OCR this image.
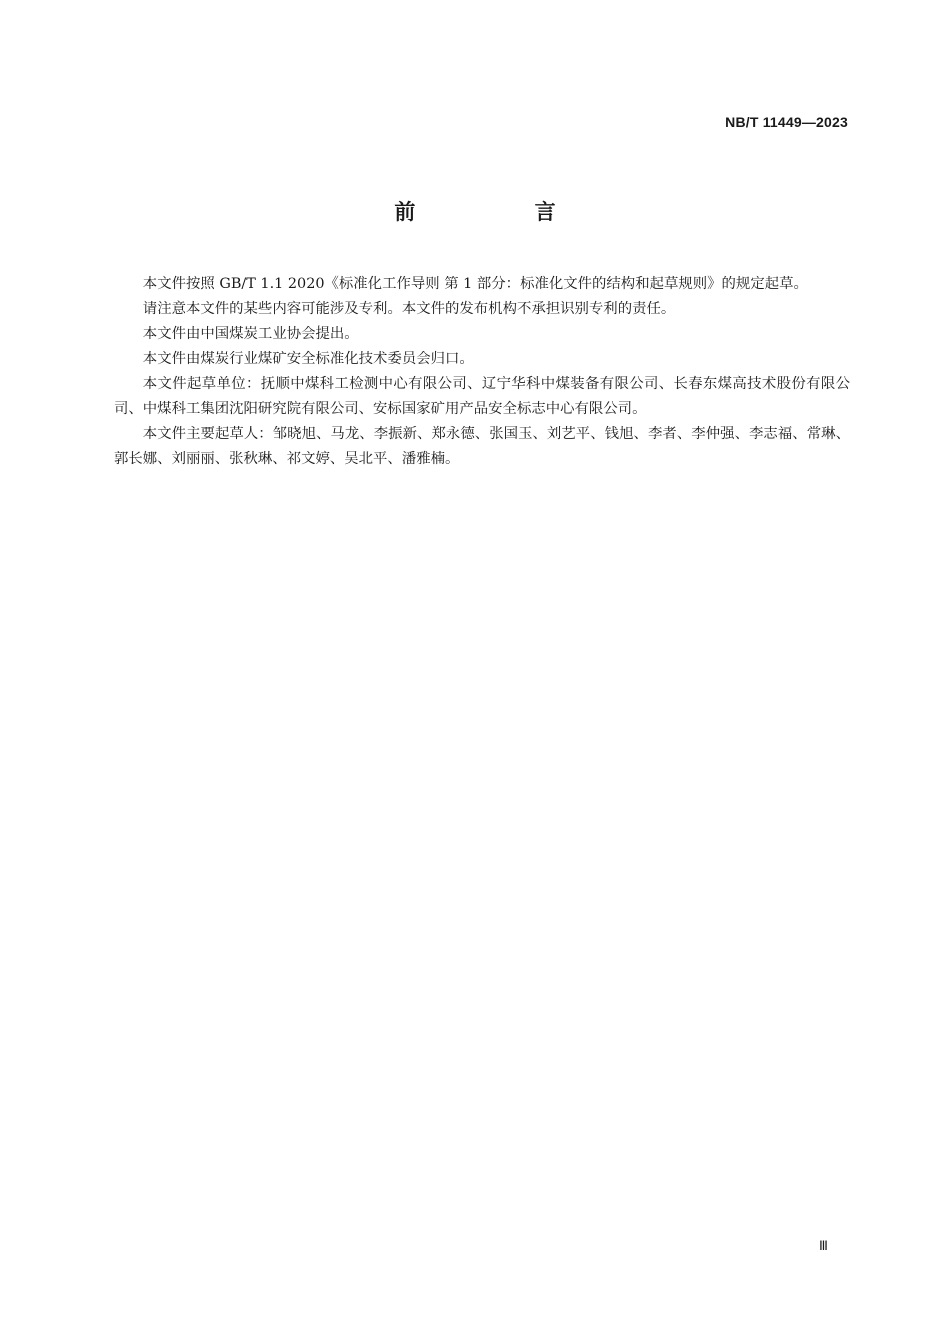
NB/T 11449—2023
前 言

本文件按照 GB/T 1.1 2020《标准化工作导则 第 1 部分：标准化文件的结构和起草规则》的规定起草。

请注意本文件的某些内容可能涉及专利。本文件的发布机构不承担识别专利的责任。

本文件由中国煤炭工业协会提出。

本文件由煤炭行业煤矿安全标准化技术委员会归口。

本文件起草单位：抚顺中煤科工检测中心有限公司、辽宁华科中煤装备有限公司、长春东煤高技术股份有限公司、中煤科工集团沈阳研究院有限公司、安标国家矿用产品安全标志中心有限公司。

本文件主要起草人：邹晓旭、马龙、李振新、郑永德、张国玉、刘艺平、钱旭、李者、李仲强、李志福、常琳、郭长娜、刘丽丽、张秋琳、祁文婷、吴北平、潘雅楠。

Ⅲ
